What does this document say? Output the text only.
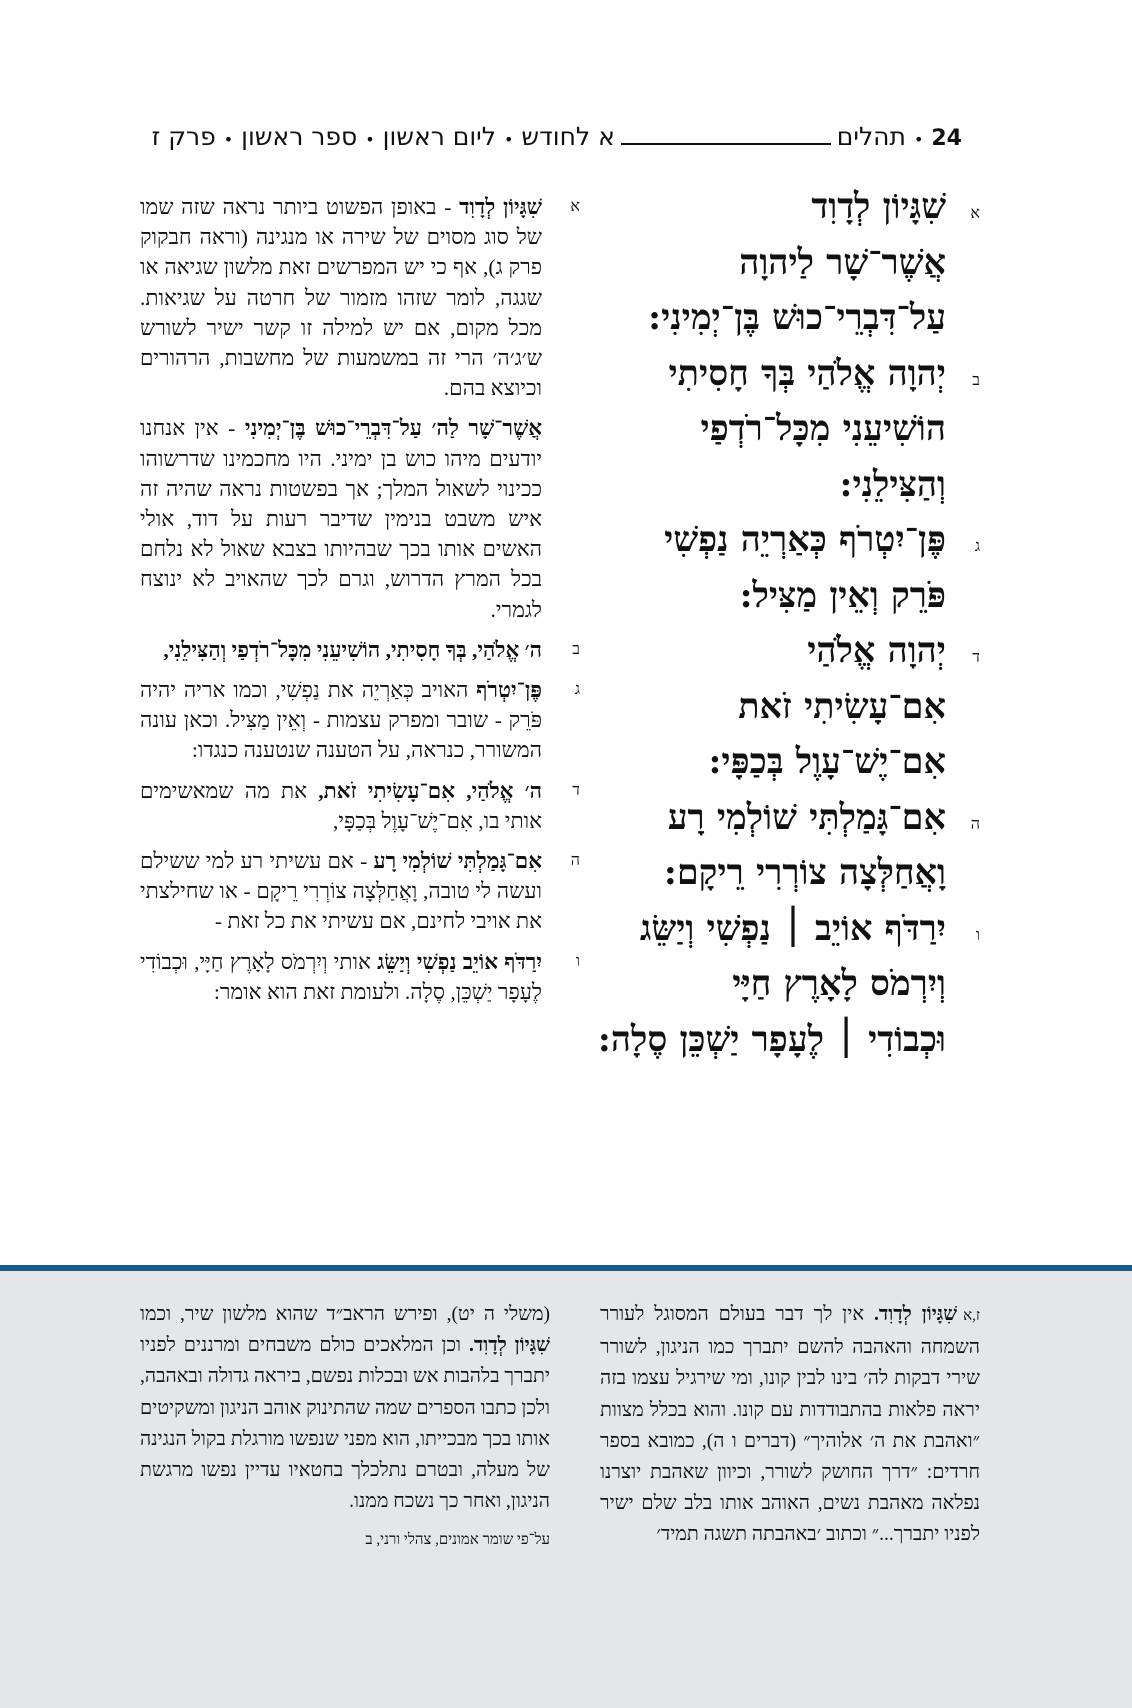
24
•
תהלים
א לחודש
•
ליום ראשון
•
ספר ראשון
•
פרק ז
א
שִׁגָּיוֹן לְדָוִד
אֲשֶׁר־שָׁר לַיהוָה
עַל־דִּבְרֵי־כוּשׁ בֶּן־יְמִינִי:
ב
יְהוָה אֱלֹהַי בְּךָ חָסִיתִי
הוֹשִׁיעֵנִי מִכָּל־רֹדְפַי
וְהַצִּילֵנִי:
ג
פֶּן־יִטְרֹף כְּאַרְיֵה נַפְשִׁי
פֹּרֵק וְאֵין מַצִּיל:
ד
יְהוָה אֱלֹהַי
אִם־עָשִׂיתִי זֹאת
אִם־יֶשׁ־עָוֶל בְּכַפָּי:
ה
אִם־גָּמַלְתִּי שׁוֹלְמִי רָע
וָאֲחַלְּצָה צוֹרְרִי רֵיקָם:
ו
יִרַדֹּף אוֹיֵב ׀ נַפְשִׁי וְיַשֵּׂג
וְיִרְמֹס לָאָרֶץ חַיָּי
וּכְבוֹדִי ׀ לֶעָפָר יַשְׁכֵּן סֶלָה:
א
שִׁגָּיוֹן לְדָוִד - באופן הפשוט ביותר נראה שזה שמו של סוג מסוים של שירה או מנגינה (וראה חבקוק פרק ג), אף כי יש המפרשים זאת מלשון שגיאה או שגגה, לומר שזהו מזמור של חרטה על שגיאות. מכל מקום, אם יש למילה זו קשר ישיר לשורש ש׳ג׳ה׳ הרי זה במשמעות של מחשבות, הרהורים וכיוצא בהם.
אֲשֶׁר־שָׁר לַה׳ עַל־דִּבְרֵי־כוּשׁ בֶּן־יְמִינִי - אין אנחנו יודעים מיהו כוש בן ימיני. היו מחכמינו שדרשוהו ככינוי לשאול המלך; אך בפשטות נראה שהיה זה איש משבט בנימין שדיבר רעות על דוד, אולי האשים אותו בכך שבהיותו בצבא שאול לא נלחם בכל המרץ הדרוש, וגרם לכך שהאויב לא ינוצח לגמרי.
ב
ה׳ אֱלֹהַי, בְּךָ חָסִיתִי, הוֹשִׁיעֵנִי מִכָּל־רֹדְפַי וְהַצִּילֵנִי,
ג
פֶּן־יִטְרֹף האויב כְּאַרְיֵה את נַפְשִׁי, וכמו אריה יהיה פֹּרֵק - שובר ומפרק עצמות - וְאֵין מַצִּיל. וכאן עונה המשורר, כנראה, על הטענה שנטענה כנגדו:
ד
ה׳ אֱלֹהַי, אִם־עָשִׂיתִי זֹאת, את מה שמאשימים אותי בו, אִם־יֶשׁ־עָוֶל בְּכַפָּי,
ה
אִם־גָּמַלְתִּי שׁוֹלְמִי רָע - אם עשיתי רע למי ששילם ועשה לי טובה, וָאֲחַלְּצָה צוֹרְרִי רֵיקָם - או שחילצתי את אויבי לחינם, אם עשיתי את כל זאת -
ו
יִרַדֹּף אוֹיֵב נַפְשִׁי וְיַשֵּׂג אותי וְיִרְמֹס לָאָרֶץ חַיָּי, וּכְבוֹדִי לֶעָפָר יַשְׁכֵּן, סֶלָה. ולעומת זאת הוא אומר:
ז,אשִׁגָּיוֹן לְדָוִד. אין לך דבר בעולם המסוגל לעורר השמחה והאהבה להשם יתברך כמו הניגון, לשורר שירי דבקות לה׳ בינו לבין קונו, ומי שירגיל עצמו בזה יראה פלאות בהתבודדות עם קונו. והוא בכלל מצוות ״ואהבת את ה׳ אלוהיך״ (דברים ו ה), כמובא בספר חרדים: ״דרך החושק לשורר, וכיוון שאהבת יוצרנו נפלאה מאהבת נשים, האוהב אותו בלב שלם ישיר לפניו יתברך...״ וכתוב ׳באהבתה תשגה תמיד׳
(משלי ה יט), ופירש הראב״ד שהוא מלשון שיר, וכמו שִׁגָּיוֹן לְדָוִד. וכן המלאכים כולם משבחים ומרננים לפניו יתברך בלהבות אש ובכלות נפשם, ביראה גדולה ובאהבה, ולכן כתבו הספרים שמה שהתינוק אוהב הניגון ומשקיטים אותו בכך מבכייתו, הוא מפני שנפשו מורגלת בקול הנגינה של מעלה, ובטרם נתלכלך בחטאיו עדיין נפשו מרגשת הניגון, ואחר כך נשכח ממנו.
על־פי שומר אמונים, צהלי ורני, ב
